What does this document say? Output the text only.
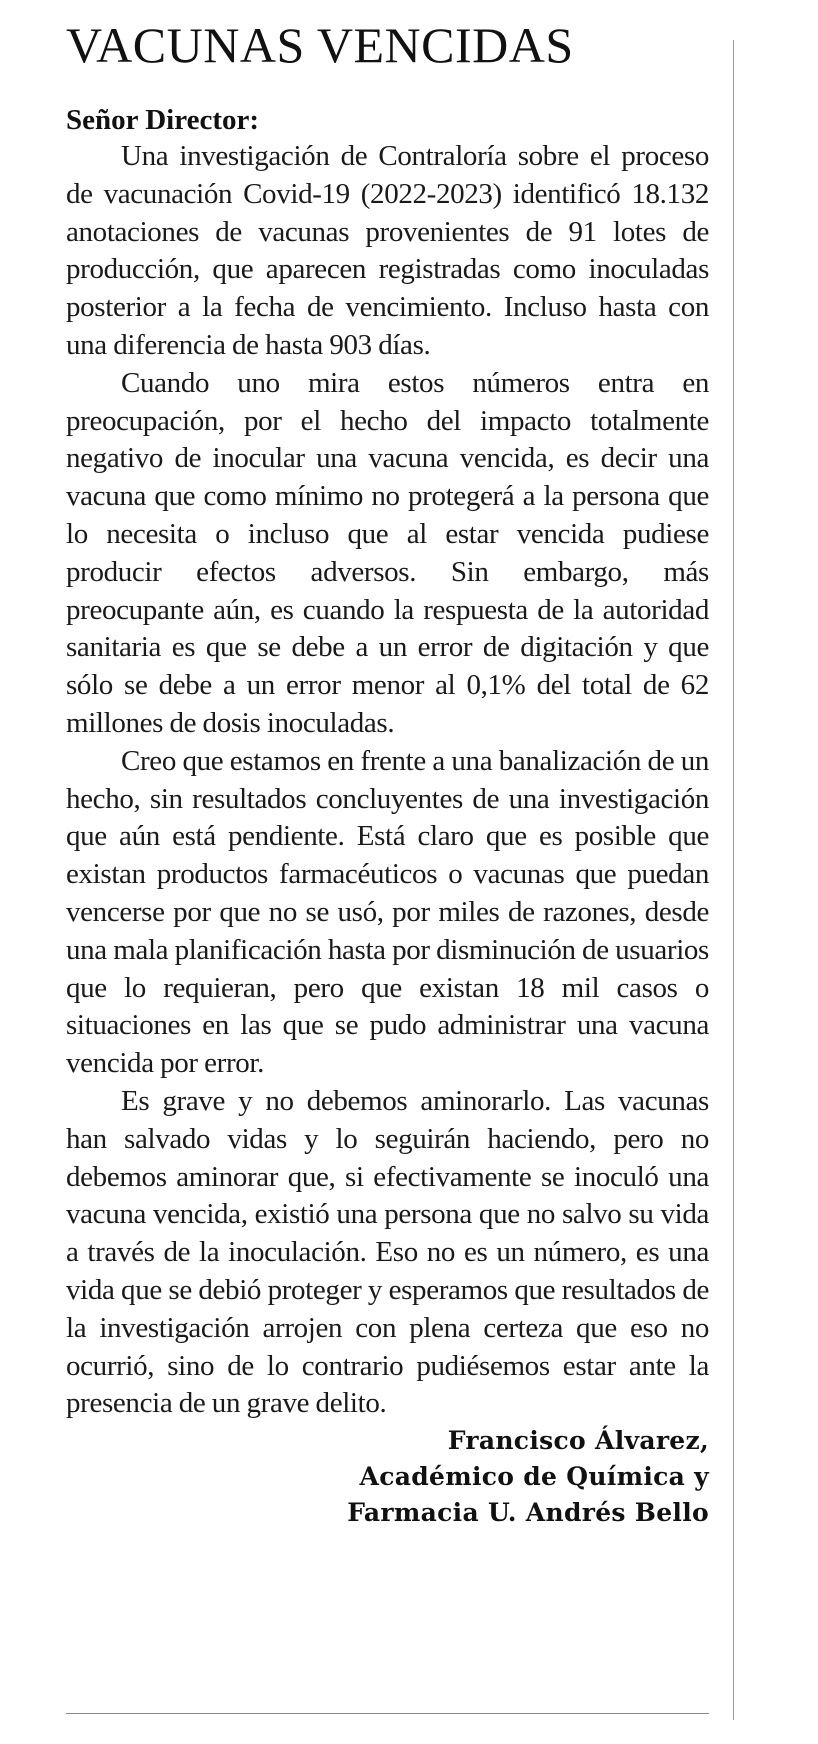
VACUNAS VENCIDAS

Señor Director:

Una investigación de Contraloría sobre el proceso de vacunación Covid-19 (2022-2023) identificó 18.132 anotaciones de vacunas provenientes de 91 lotes de producción, que aparecen registradas como inoculadas posterior a la fecha de vencimiento. Incluso hasta con una diferencia de hasta 903 días.

Cuando uno mira estos números entra en preocupación, por el hecho del impacto totalmente negativo de inocular una vacuna vencida, es decir una vacuna que como mínimo no protegerá a la persona que lo necesita o incluso que al estar vencida pudiese producir efectos adversos. Sin embargo, más preocupante aún, es cuando la respuesta de la autoridad sanitaria es que se debe a un error de digitación y que sólo se debe a un error menor al 0,1% del total de 62 millones de dosis inoculadas.

Creo que estamos en frente a una banalización de un hecho, sin resultados concluyentes de una investigación que aún está pendiente. Está claro que es posible que existan productos farmacéuticos o vacunas que puedan vencerse por que no se usó, por miles de razones, desde una mala planificación hasta por disminución de usuarios que lo requieran, pero que existan 18 mil casos o situaciones en las que se pudo administrar una vacuna vencida por error.

Es grave y no debemos aminorarlo. Las vacunas han salvado vidas y lo seguirán haciendo, pero no debemos aminorar que, si efectivamente se inoculó una vacuna vencida, existió una persona que no salvo su vida a través de la inoculación. Eso no es un número, es una vida que se debió proteger y esperamos que resultados de la investigación arrojen con plena certeza que eso no ocurrió, sino de lo contrario pudiésemos estar ante la presencia de un grave delito.

Francisco Álvarez,
Académico de Química y
Farmacia U. Andrés Bello
